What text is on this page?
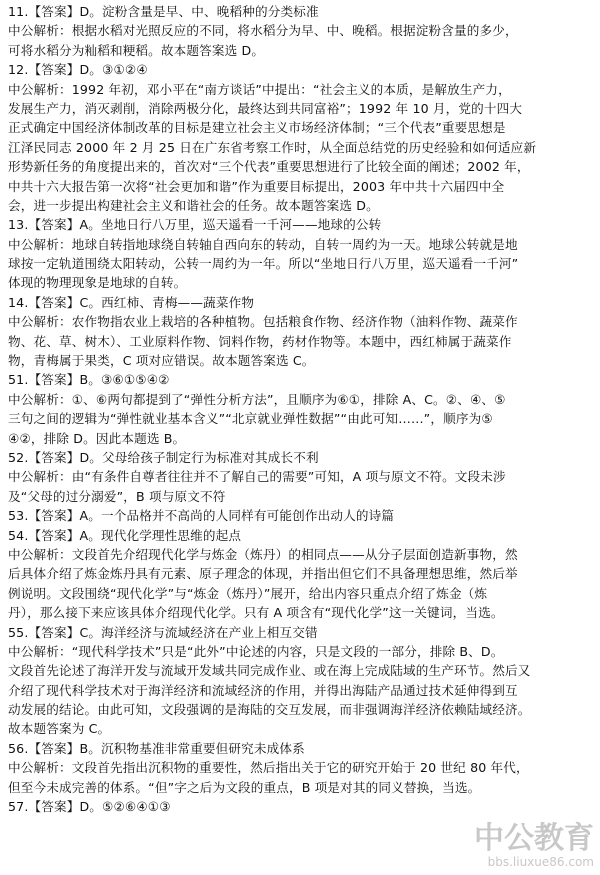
11.【答案】D。淀粉含量是早、中、晚稻种的分类标准
中公解析：根据水稻对光照反应的不同，将水稻分为早、中、晚稻。根据淀粉含量的多少，
可将水稻分为籼稻和粳稻。故本题答案选 D。
12.【答案】D。③①②④
中公解析：1992 年初，邓小平在“南方谈话”中提出：“社会主义的本质，是解放生产力，
发展生产力，消灭剥削，消除两极分化，最终达到共同富裕”；1992 年 10 月，党的十四大
正式确定中国经济体制改革的目标是建立社会主义市场经济体制；“三个代表”重要思想是
江泽民同志 2000 年 2 月 25 日在广东省考察工作时，从全面总结党的历史经验和如何适应新
形势新任务的角度提出来的，首次对“三个代表”重要思想进行了比较全面的阐述；2002 年，
中共十六大报告第一次将“社会更加和谐”作为重要目标提出，2003 年中共十六届四中全
会，进一步提出构建社会主义和谐社会的任务。故本题答案选 D。
13.【答案】A。坐地日行八万里，巡天遥看一千河——地球的公转
中公解析：地球自转指地球绕自转轴自西向东的转动，自转一周约为一天。地球公转就是地
球按一定轨道围绕太阳转动，公转一周约为一年。所以“坐地日行八万里，巡天遥看一千河”
体现的物理现象是地球的自转。
14.【答案】C。西红柿、青梅——蔬菜作物
中公解析：农作物指农业上栽培的各种植物。包括粮食作物、经济作物（油料作物、蔬菜作
物、花、草、树木）、工业原料作物、饲料作物，药材作物等。本题中，西红柿属于蔬菜作
物，青梅属于果类，C 项对应错误。故本题答案选 C。
51.【答案】B。③⑥①⑤④②
中公解析：①、⑥两句都提到了“弹性分析方法”，且顺序为⑥①，排除 A、C。②、④、⑤
三句之间的逻辑为“弹性就业基本含义”“北京就业弹性数据”“由此可知……”，顺序为⑤
④②，排除 D。因此本题选 B。
52.【答案】D。父母给孩子制定行为标准对其成长不利
中公解析：由“有条件自尊者往往并不了解自己的需要”可知，A 项与原文不符。文段未涉
及“父母的过分溺爱”，B 项与原文不符
53.【答案】A。一个品格并不高尚的人同样有可能创作出动人的诗篇
54.【答案】A。现代化学理性思维的起点
中公解析：文段首先介绍现代化学与炼金（炼丹）的相同点——从分子层面创造新事物，然
后具体介绍了炼金炼丹具有元素、原子理念的体现，并指出但它们不具备理想思维，然后举
例说明。文段围绕“现代化学”与“炼金（炼丹）”展开，给出内容只重点介绍了炼金（炼
丹），那么接下来应该具体介绍现代化学。只有 A 项含有“现代化学”这一关键词，当选。
55.【答案】C。海洋经济与流域经济在产业上相互交错
中公解析：“现代科学技术”只是“此外”中论述的内容，只是文段的一部分，排除 B、D。
文段首先论述了海洋开发与流域开发域共同完成作业、或在海上完成陆域的生产环节。然后又
介绍了现代科学技术对于海洋经济和流域经济的作用，并得出海陆产品通过技术延伸得到互
动发展的结论。由此可知，文段强调的是海陆的交互发展，而非强调海洋经济依赖陆域经济。
故本题答案为 C。
56.【答案】B。沉积物基准非常重要但研究未成体系
中公解析：文段首先指出沉积物的重要性，然后指出关于它的研究开始于 20 世纪 80 年代，
但至今未成完善的体系。“但”字之后为文段的重点，B 项是对其的同义替换，当选。
57.【答案】D。⑤②⑥④①③
中公教育
bbs.liuxue86.com
